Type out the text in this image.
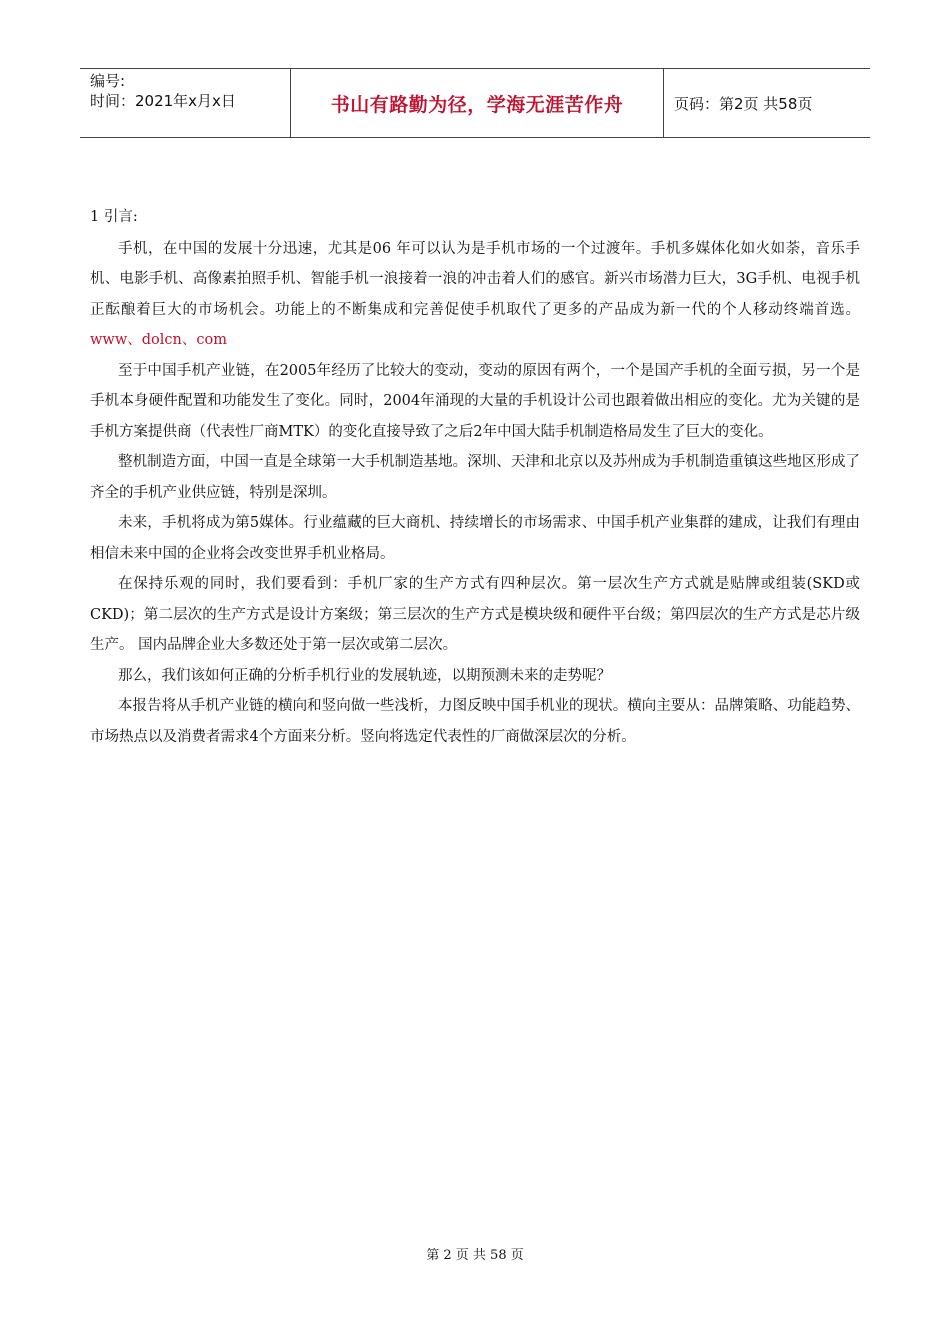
编号:
时间：2021年x月x日	书山有路勤为径，学海无涯苦作舟	页码：第2页 共58页
1 引言:

手机，在中国的发展十分迅速，尤其是06 年可以认为是手机市场的一个过渡年。手机多媒体化如火如荼，音乐手机、电影手机、高像素拍照手机、智能手机一浪接着一浪的冲击着人们的感官。新兴市场潜力巨大，3G手机、电视手机正酝酿着巨大的市场机会。功能上的不断集成和完善促使手机取代了更多的产品成为新一代的个人移动终端首选。www、dolcn、com

至于中国手机产业链，在2005年经历了比较大的变动，变动的原因有两个，一个是国产手机的全面亏损，另一个是手机本身硬件配置和功能发生了变化。同时，2004年涌现的大量的手机设计公司也跟着做出相应的变化。尤为关键的是手机方案提供商（代表性厂商MTK）的变化直接导致了之后2年中国大陆手机制造格局发生了巨大的变化。

整机制造方面，中国一直是全球第一大手机制造基地。深圳、天津和北京以及苏州成为手机制造重镇这些地区形成了齐全的手机产业供应链，特别是深圳。

未来，手机将成为第5媒体。行业蕴藏的巨大商机、持续增长的市场需求、中国手机产业集群的建成，让我们有理由相信未来中国的企业将会改变世界手机业格局。

在保持乐观的同时，我们要看到：手机厂家的生产方式有四种层次。第一层次生产方式就是贴牌或组装(SKD或CKD)；第二层次的生产方式是设计方案级；第三层次的生产方式是模块级和硬件平台级；第四层次的生产方式是芯片级生产。 国内品牌企业大多数还处于第一层次或第二层次。

那么，我们该如何正确的分析手机行业的发展轨迹，以期预测未来的走势呢？

本报告将从手机产业链的横向和竖向做一些浅析，力图反映中国手机业的现状。横向主要从：品牌策略、功能趋势、市场热点以及消费者需求4个方面来分析。竖向将选定代表性的厂商做深层次的分析。

第 2 页 共 58 页
